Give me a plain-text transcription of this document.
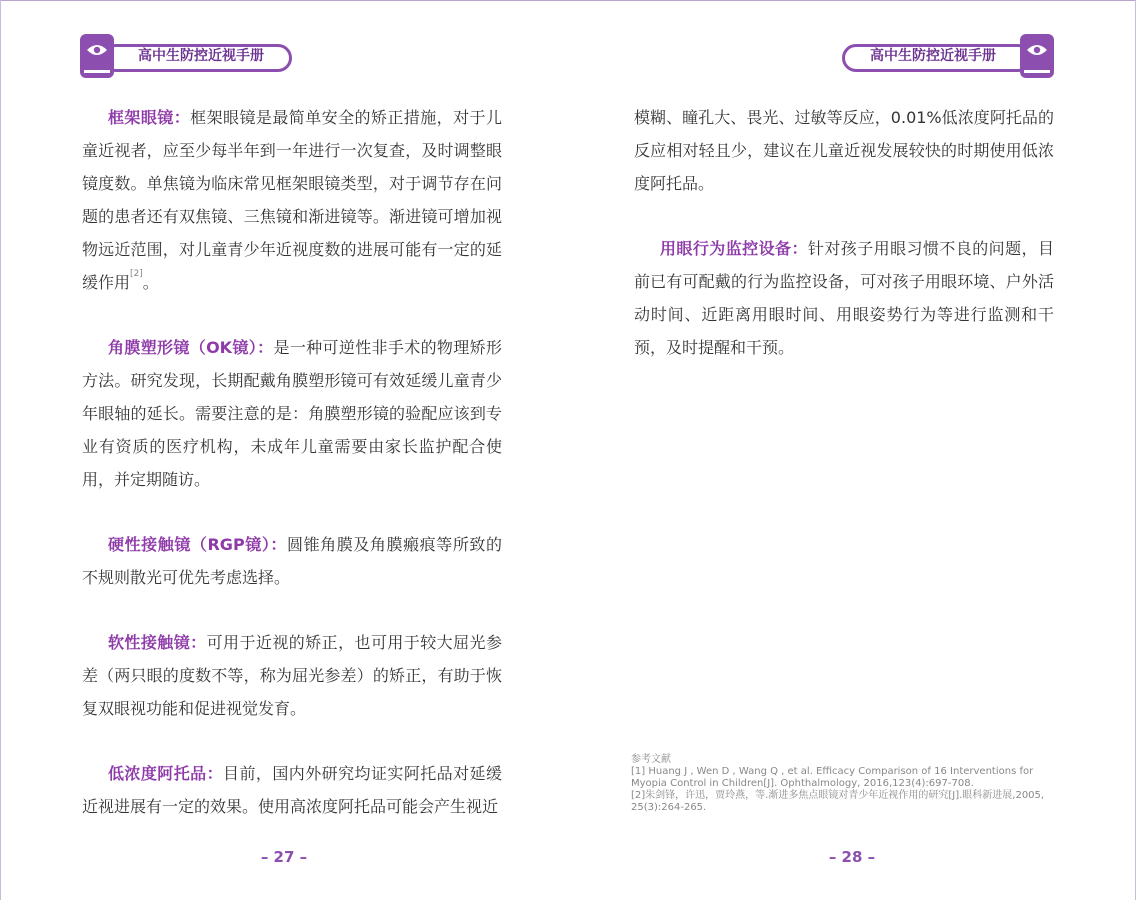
高中生防控近视手册

框架眼镜：框架眼镜是最简单安全的矫正措施，对于儿童近视者，应至少每半年到一年进行一次复查，及时调整眼镜度数。单焦镜为临床常见框架眼镜类型，对于调节存在问题的患者还有双焦镜、三焦镜和渐进镜等。渐进镜可增加视物远近范围，对儿童青少年近视度数的进展可能有一定的延缓作用[2]。

角膜塑形镜（OK镜）：是一种可逆性非手术的物理矫形方法。研究发现，长期配戴角膜塑形镜可有效延缓儿童青少年眼轴的延长。需要注意的是：角膜塑形镜的验配应该到专业有资质的医疗机构，未成年儿童需要由家长监护配合使用，并定期随访。

硬性接触镜（RGP镜）：圆锥角膜及角膜瘢痕等所致的不规则散光可优先考虑选择。

软性接触镜：可用于近视的矫正，也可用于较大屈光参差（两只眼的度数不等，称为屈光参差）的矫正，有助于恢复双眼视功能和促进视觉发育。

低浓度阿托品：目前，国内外研究均证实阿托品对延缓近视进展有一定的效果。使用高浓度阿托品可能会产生视近

– 27 –
高中生防控近视手册

模糊、瞳孔大、畏光、过敏等反应，0.01%低浓度阿托品的反应相对轻且少，建议在儿童近视发展较快的时期使用低浓度阿托品。

用眼行为监控设备：针对孩子用眼习惯不良的问题，目前已有可配戴的行为监控设备，可对孩子用眼环境、户外活动时间、近距离用眼时间、用眼姿势行为等进行监测和干预，及时提醒和干预。

参考文献
[1] Huang J , Wen D , Wang Q , et al. Efficacy Comparison of 16 Interventions for Myopia Control in Children[J]. Ophthalmology, 2016,123(4):697-708.
[2]朱剑锋，许迅，贾玲燕，等.渐进多焦点眼镜对青少年近视作用的研究[J].眼科新进展,2005, 25(3):264-265.
– 28 –
